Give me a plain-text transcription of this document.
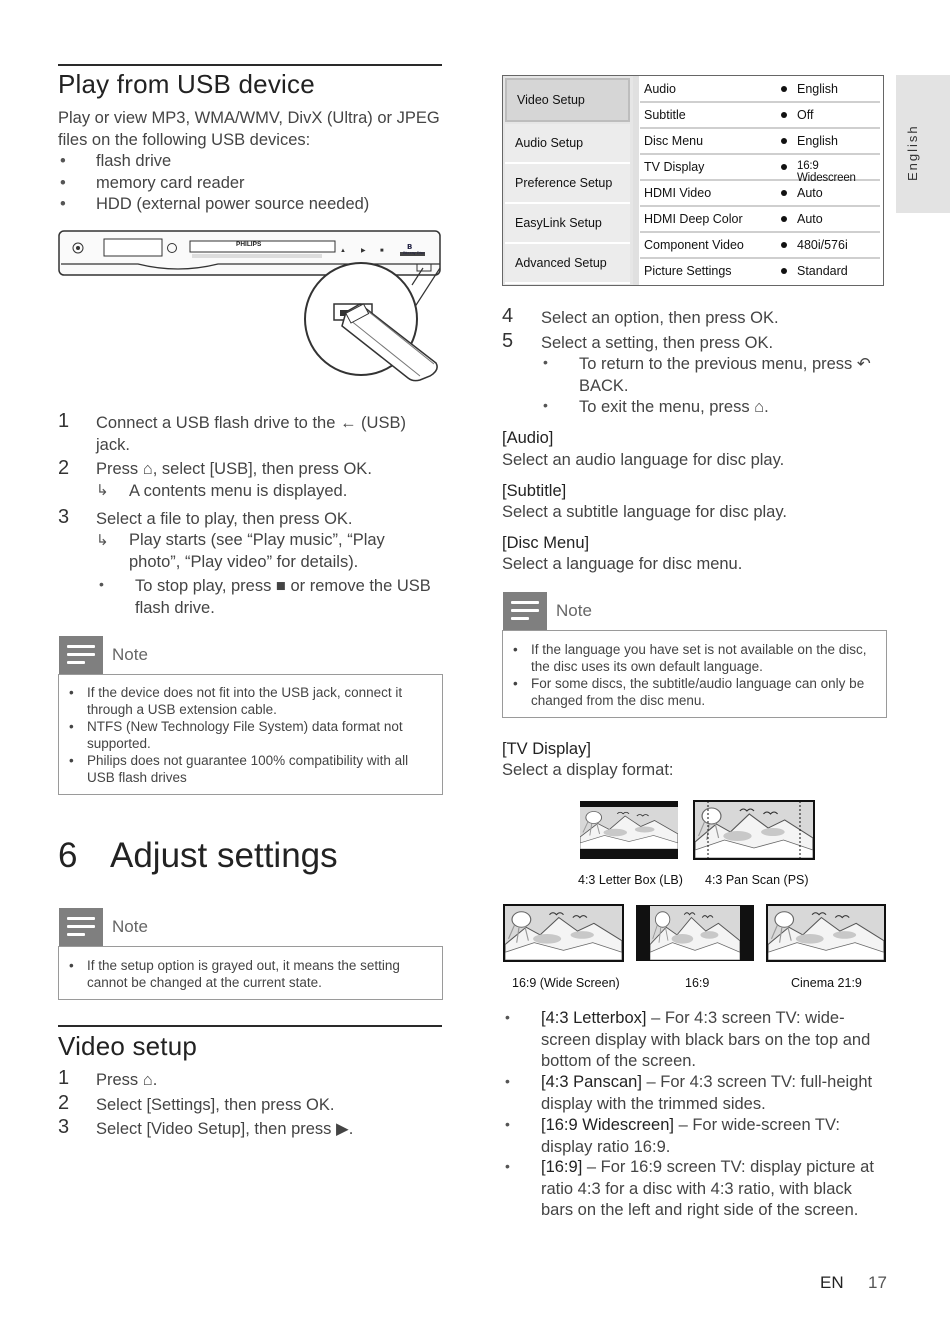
English
Play from USB device
Play or view MP3, WMA/WMV, DivX (Ultra) or JPEG files on the following USB devices:
• flash drive
• memory card reader
• HDD (external power source needed)
▲	▶ ■	B
PHILIPS
Blu-ray Disc
1 Connect a USB flash drive to the ← (USB) jack.
2 Press ⌂, select [USB], then press OK.
↳ A contents menu is displayed.
3 Select a file to play, then press OK.
↳ Play starts (see “Play music”, “Play photo”, “Play video” for details).
• To stop play, press ■ or remove the USB flash drive.
Note
• If the device does not fit into the USB jack, connect it through a USB extension cable.
• NTFS (New Technology File System) data format not supported.
• Philips does not guarantee 100% compatibility with all USB flash drives
6 Adjust settings
Note
• If the setup option is grayed out, it means the setting cannot be changed at the current state.
Video setup
1 Press ⌂.
2 Select [Settings], then press OK.
3 Select [Video Setup], then press ▶.
Video Setup
Audio Setup
Preference Setup
EasyLink Setup
Advanced Setup
Audio	English
Subtitle	Off
Disc Menu	English
TV Display	16:9 Widescreen
HDMI Video	Auto
HDMI Deep Color	Auto
Component Video	480i/576i
Picture Settings	Standard
4 Select an option, then press OK.
5 Select a setting, then press OK.
• To return to the previous menu, press ↶ BACK.
• To exit the menu, press ⌂.
[Audio]
Select an audio language for disc play.
[Subtitle]
Select a subtitle language for disc play.
[Disc Menu]
Select a language for disc menu.
Note
• If the language you have set is not available on the disc, the disc uses its own default language.
• For some discs, the subtitle/audio language can only be changed from the disc menu.
[TV Display]
Select a display format:
4:3 Letter Box (LB) 4:3 Pan Scan (PS)
16:9 (Wide Screen)	16:9	Cinema 21:9
• [4:3 Letterbox] – For 4:3 screen TV: wide-screen display with black bars on the top and bottom of the screen.
• [4:3 Panscan] – For 4:3 screen TV: full-height display with the trimmed sides.
• [16:9 Widescreen] – For wide-screen TV: display ratio 16:9.
• [16:9] – For 16:9 screen TV: display picture at ratio 4:3 for a disc with 4:3 ratio, with black bars on the left and right side of the screen.
EN 17
